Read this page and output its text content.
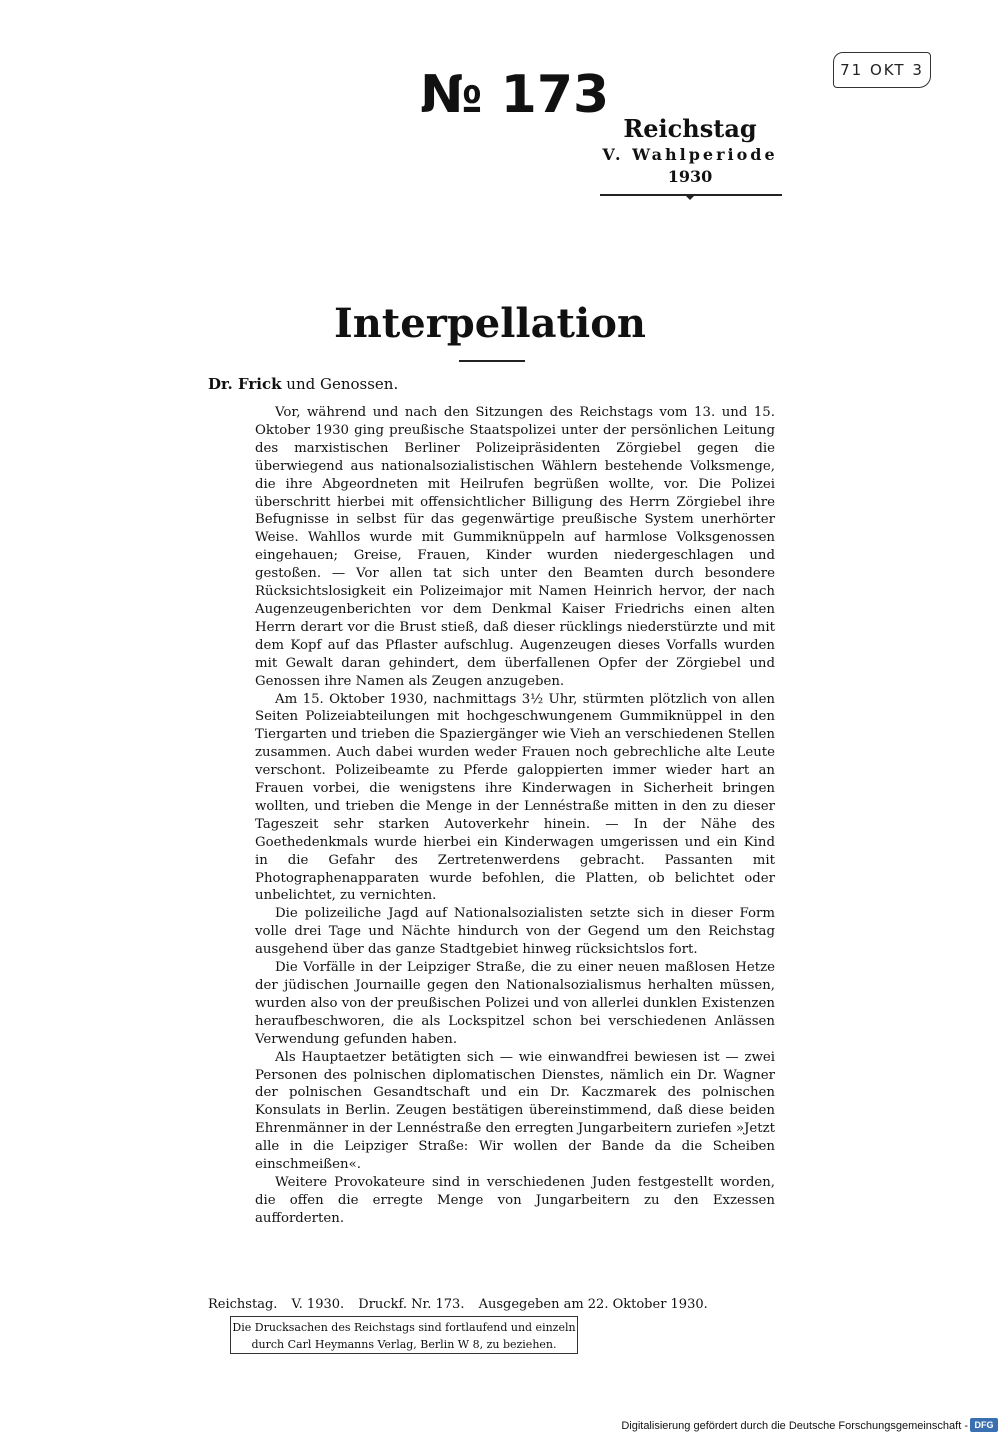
71 OKT 3
№ 173
Reichstag
V. Wahlperiode
1930
Interpellation
Dr. Frick und Genossen.

Vor, während und nach den Sitzungen des Reichstags vom 13. und 15. Oktober 1930 ging preußische Staatspolizei unter der persönlichen Leitung des marxistischen Berliner Polizeipräsidenten Zörgiebel gegen die überwiegend aus nationalsozialistischen Wählern bestehende Volksmenge, die ihre Abgeordneten mit Heilrufen begrüßen wollte, vor. Die Polizei überschritt hierbei mit offensichtlicher Billigung des Herrn Zörgiebel ihre Befugnisse in selbst für das gegenwärtige preußische System unerhörter Weise. Wahllos wurde mit Gummiknüppeln auf harmlose Volksgenossen eingehauen; Greise, Frauen, Kinder wurden niedergeschlagen und gestoßen. — Vor allen tat sich unter den Beamten durch besondere Rücksichtslosigkeit ein Polizeimajor mit Namen Heinrich hervor, der nach Augenzeugenberichten vor dem Denkmal Kaiser Friedrichs einen alten Herrn derart vor die Brust stieß, daß dieser rücklings niederstürzte und mit dem Kopf auf das Pflaster aufschlug. Augenzeugen dieses Vorfalls wurden mit Gewalt daran gehindert, dem überfallenen Opfer der Zörgiebel und Genossen ihre Namen als Zeugen anzugeben.

Am 15. Oktober 1930, nachmittags 3½ Uhr, stürmten plötzlich von allen Seiten Polizeiabteilungen mit hochgeschwungenem Gummiknüppel in den Tiergarten und trieben die Spaziergänger wie Vieh an verschiedenen Stellen zusammen. Auch dabei wurden weder Frauen noch gebrechliche alte Leute verschont. Polizeibeamte zu Pferde galoppierten immer wieder hart an Frauen vorbei, die wenigstens ihre Kinderwagen in Sicherheit bringen wollten, und trieben die Menge in der Lennéstraße mitten in den zu dieser Tageszeit sehr starken Autoverkehr hinein. — In der Nähe des Goethedenkmals wurde hierbei ein Kinderwagen umgerissen und ein Kind in die Gefahr des Zertretenwerdens gebracht. Passanten mit Photographenapparaten wurde befohlen, die Platten, ob belichtet oder unbelichtet, zu vernichten.

Die polizeiliche Jagd auf Nationalsozialisten setzte sich in dieser Form volle drei Tage und Nächte hindurch von der Gegend um den Reichstag ausgehend über das ganze Stadtgebiet hinweg rücksichtslos fort.

Die Vorfälle in der Leipziger Straße, die zu einer neuen maßlosen Hetze der jüdischen Journaille gegen den Nationalsozialismus herhalten müssen, wurden also von der preußischen Polizei und von allerlei dunklen Existenzen heraufbeschworen, die als Lockspitzel schon bei verschiedenen Anlässen Verwendung gefunden haben.

Als Hauptaetzer betätigten sich — wie einwandfrei bewiesen ist — zwei Personen des polnischen diplomatischen Dienstes, nämlich ein Dr. Wagner der polnischen Gesandtschaft und ein Dr. Kaczmarek des polnischen Konsulats in Berlin. Zeugen bestätigen übereinstimmend, daß diese beiden Ehrenmänner in der Lennéstraße den erregten Jungarbeitern zuriefen »Jetzt alle in die Leipziger Straße: Wir wollen der Bande da die Scheiben einschmeißen«.

Weitere Provokateure sind in verschiedenen Juden festgestellt worden, die offen die erregte Menge von Jungarbeitern zu den Exzessen aufforderten.

Reichstag. V. 1930. Druckf. Nr. 173. Ausgegeben am 22. Oktober 1930.
Die Drucksachen des Reichstags sind fortlaufend und einzeln
durch Carl Heymanns Verlag, Berlin W 8, zu beziehen.
Digitalisierung gefördert durch die Deutsche Forschungsgemeinschaft - DFG
